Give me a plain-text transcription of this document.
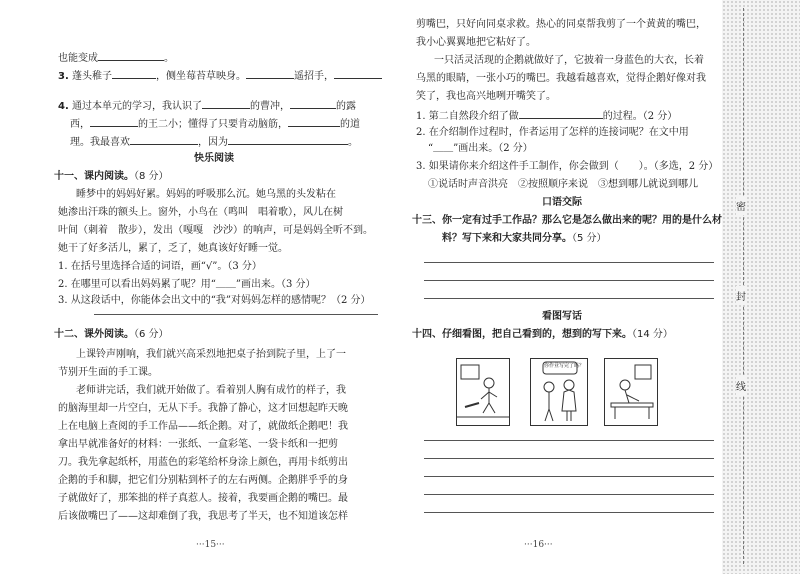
也能变成	。
3. 蓬头稚子	，侧坐莓苔草映身。	遥招手，
4. 通过本单元的学习，我认识了	的曹冲，	的露
西，	的王二小；懂得了只要肯动脑筋，	的道
理。我最喜欢	，因为	。
快乐阅读
十一、课内阅读。（8 分）
睡梦中的妈妈好累。妈妈的呼吸那么沉。她乌黑的头发粘在
她渗出汗珠的额头上。窗外，小鸟在（鸣叫　唱着歌），风儿在树
叶间（刺着　散步），发出（嘎嘎　沙沙）的响声，可是妈妈全听不到。
她干了好多活儿，累了，乏了，她真该好好睡一觉。
1. 在括号里选择合适的词语，画“√”。（3 分）
2. 在哪里可以看出妈妈累了呢？用“＿＿”画出来。（3 分）
3. 从这段话中，你能体会出文中的“我”对妈妈怎样的感情呢？（2 分）
十二、课外阅读。（6 分）
上课铃声刚响，我们就兴高采烈地把桌子抬到院子里，上了一
节别开生面的手工课。
老师讲完话，我们就开始做了。看着别人胸有成竹的样子，我
的脑海里却一片空白，无从下手。我静了静心，这才回想起昨天晚
上在电脑上查阅的手工作品——纸企鹅。对了，就做纸企鹅吧！我
拿出早就准备好的材料：一张纸、一盒彩笔、一袋卡纸和一把剪
刀。我先拿起纸杯，用蓝色的彩笔给杯身涂上颜色，再用卡纸剪出
企鹅的手和脚，把它们分别粘到杯子的左右两侧。企鹅胖乎乎的身
子就做好了，那笨拙的样子真惹人。接着，我要画企鹅的嘴巴。最
后该做嘴巴了——这却难倒了我，我思考了半天，也不知道该怎样
···15···
剪嘴巴，只好向同桌求救。热心的同桌帮我剪了一个黄黄的嘴巴，
我小心翼翼地把它粘好了。
一只活灵活现的企鹅就做好了，它披着一身蓝色的大衣，长着
乌黑的眼睛，一张小巧的嘴巴。我越看越喜欢，觉得企鹅好像对我
笑了，我也高兴地咧开嘴笑了。
1. 第二自然段介绍了做	的过程。（2 分）
2. 在介绍制作过程时，作者运用了怎样的连接词呢？在文中用
“＿＿”画出来。（2 分）
3. 如果请你来介绍这件手工制作，你会做到（　　）。（多选，2 分）
①说话时声音洪亮　②按照顺序来说　③想到哪儿就说到哪儿
口语交际
十三、你一定有过手工作品？那么它是怎么做出来的呢？用的是什么材
料？写下来和大家共同分享。（5 分）
看图写话
十四、仔细看图，把自己看到的，想到的写下来。（14 分）
···16···
你作业写完了吗？
密
封
线
